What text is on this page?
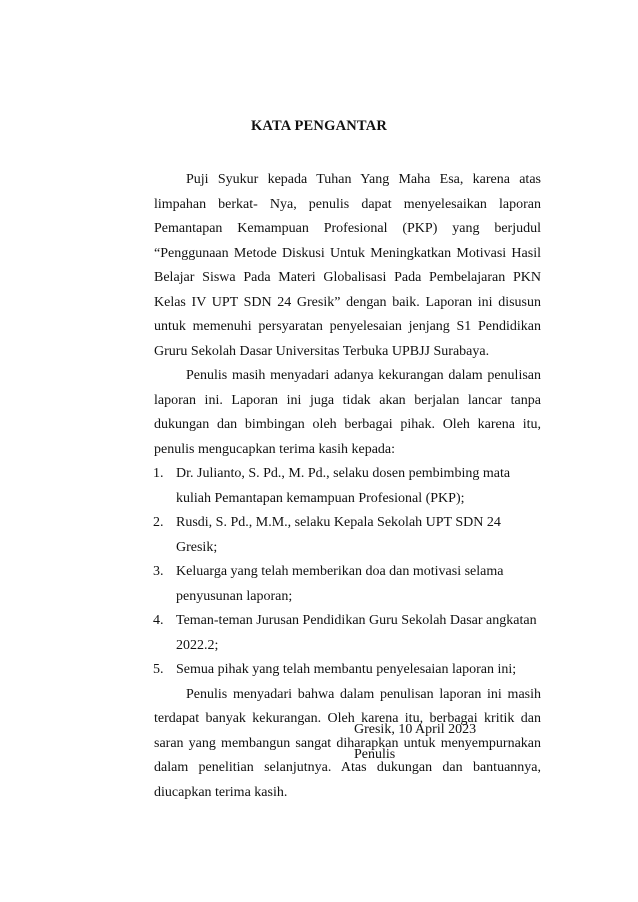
KATA PENGANTAR

Puji Syukur kepada Tuhan Yang Maha Esa, karena atas limpahan berkat- Nya, penulis dapat menyelesaikan laporan Pemantapan Kemampuan Profesional (PKP) yang berjudul “Penggunaan Metode Diskusi Untuk Meningkatkan Motivasi Hasil Belajar Siswa Pada Materi Globalisasi Pada Pembelajaran PKN Kelas IV UPT SDN 24 Gresik” dengan baik. Laporan ini disusun untuk memenuhi persyaratan penyelesaian jenjang S1 Pendidikan Gruru Sekolah Dasar Universitas Terbuka UPBJJ Surabaya.

Penulis masih menyadari adanya kekurangan dalam penulisan laporan ini. Laporan ini juga tidak akan berjalan lancar tanpa dukungan dan bimbingan oleh berbagai pihak. Oleh karena itu, penulis mengucapkan terima kasih kepada:

1. Dr. Julianto, S. Pd., M. Pd., selaku dosen pembimbing mata kuliah Pemantapan kemampuan Profesional (PKP);
2. Rusdi, S. Pd., M.M., selaku Kepala Sekolah UPT SDN 24 Gresik;
3. Keluarga yang telah memberikan doa dan motivasi selama penyusunan laporan;
4. Teman-teman Jurusan Pendidikan Guru Sekolah Dasar angkatan 2022.2;
5. Semua pihak yang telah membantu penyelesaian laporan ini;

Penulis menyadari bahwa dalam penulisan laporan ini masih terdapat banyak kekurangan. Oleh karena itu, berbagai kritik dan saran yang membangun sangat diharapkan untuk menyempurnakan dalam penelitian selanjutnya. Atas dukungan dan bantuannya, diucapkan terima kasih.

Gresik, 10 April 2023
Penulis
